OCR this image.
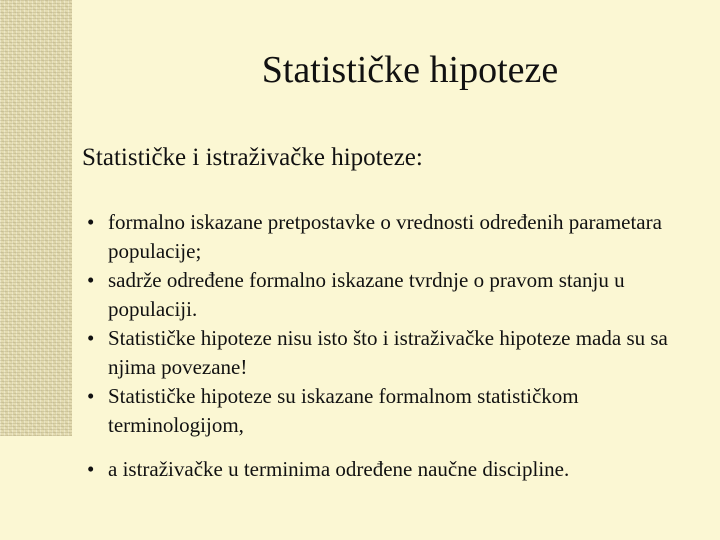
Statističke hipoteze

Statističke i istraživačke hipoteze:

• formalno iskazane pretpostavke o vrednosti određenih parametara populacije;
• sadrže određene formalno iskazane tvrdnje o pravom stanju u populaciji.
• Statističke hipoteze nisu isto što i istraživačke hipoteze mada su sa njima povezane!
• Statističke hipoteze su iskazane formalnom statističkom terminologijom,
• a istraživačke u terminima određene naučne discipline.
